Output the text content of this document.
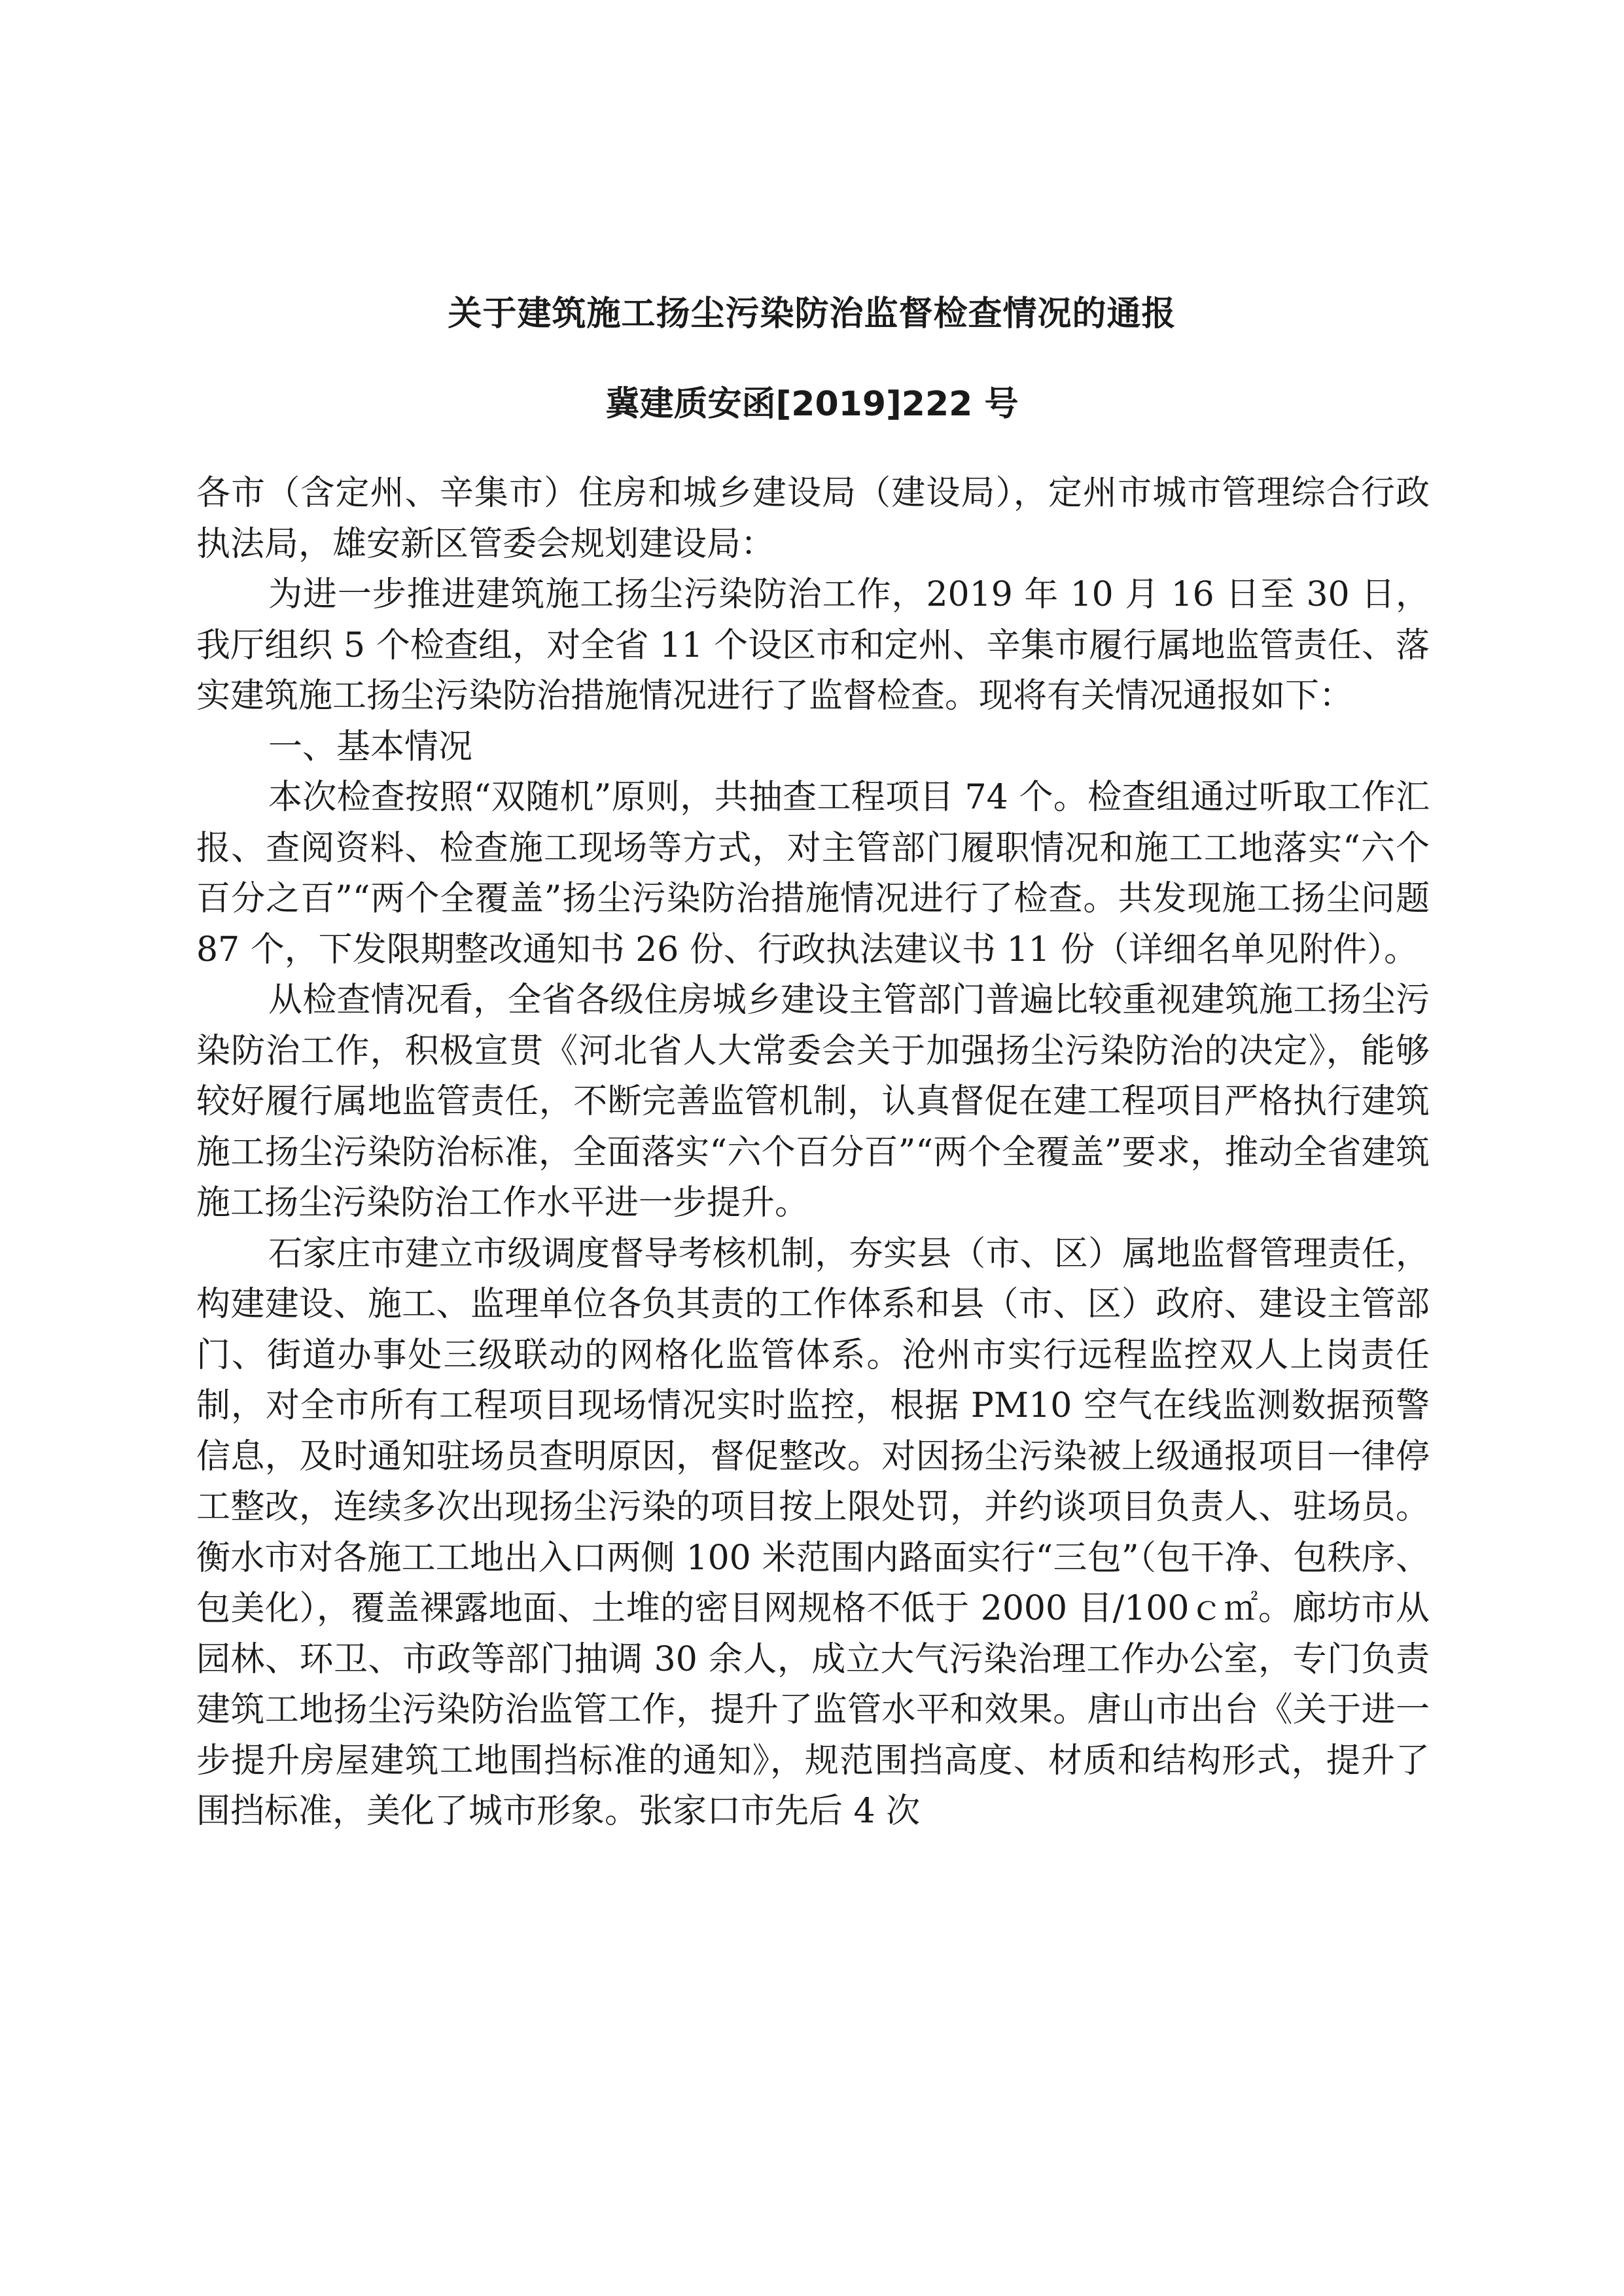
关于建筑施工扬尘污染防治监督检查情况的通报
冀建质安函[2019]222 号

各市（含定州、辛集市）住房和城乡建设局（建设局），定州市城市管理综合行政执法局，雄安新区管委会规划建设局：

为进一步推进建筑施工扬尘污染防治工作，2019 年 10 月 16 日至 30 日，我厅组织 5 个检查组，对全省 11 个设区市和定州、辛集市履行属地监管责任、落实建筑施工扬尘污染防治措施情况进行了监督检查。现将有关情况通报如下：

一、基本情况

本次检查按照“双随机”原则，共抽查工程项目 74 个。检查组通过听取工作汇报、查阅资料、检查施工现场等方式，对主管部门履职情况和施工工地落实“六个百分之百”“两个全覆盖”扬尘污染防治措施情况进行了检查。共发现施工扬尘问题 87 个，下发限期整改通知书 26 份、行政执法建议书 11 份（详细名单见附件）。

从检查情况看，全省各级住房城乡建设主管部门普遍比较重视建筑施工扬尘污染防治工作，积极宣贯《河北省人大常委会关于加强扬尘污染防治的决定》，能够较好履行属地监管责任，不断完善监管机制，认真督促在建工程项目严格执行建筑施工扬尘污染防治标准，全面落实“六个百分百”“两个全覆盖”要求，推动全省建筑施工扬尘污染防治工作水平进一步提升。

石家庄市建立市级调度督导考核机制，夯实县（市、区）属地监督管理责任，构建建设、施工、监理单位各负其责的工作体系和县（市、区）政府、建设主管部门、街道办事处三级联动的网格化监管体系。沧州市实行远程监控双人上岗责任制，对全市所有工程项目现场情况实时监控，根据 PM10 空气在线监测数据预警信息，及时通知驻场员查明原因，督促整改。对因扬尘污染被上级通报项目一律停工整改，连续多次出现扬尘污染的项目按上限处罚，并约谈项目负责人、驻场员。衡水市对各施工工地出入口两侧 100 米范围内路面实行“三包”（包干净、包秩序、包美化），覆盖裸露地面、土堆的密目网规格不低于 2000 目/100ｃ㎡。廊坊市从园林、环卫、市政等部门抽调 30 余人，成立大气污染治理工作办公室，专门负责建筑工地扬尘污染防治监管工作，提升了监管水平和效果。唐山市出台《关于进一步提升房屋建筑工地围挡标准的通知》，规范围挡高度、材质和结构形式，提升了围挡标准，美化了城市形象。张家口市先后 4 次
